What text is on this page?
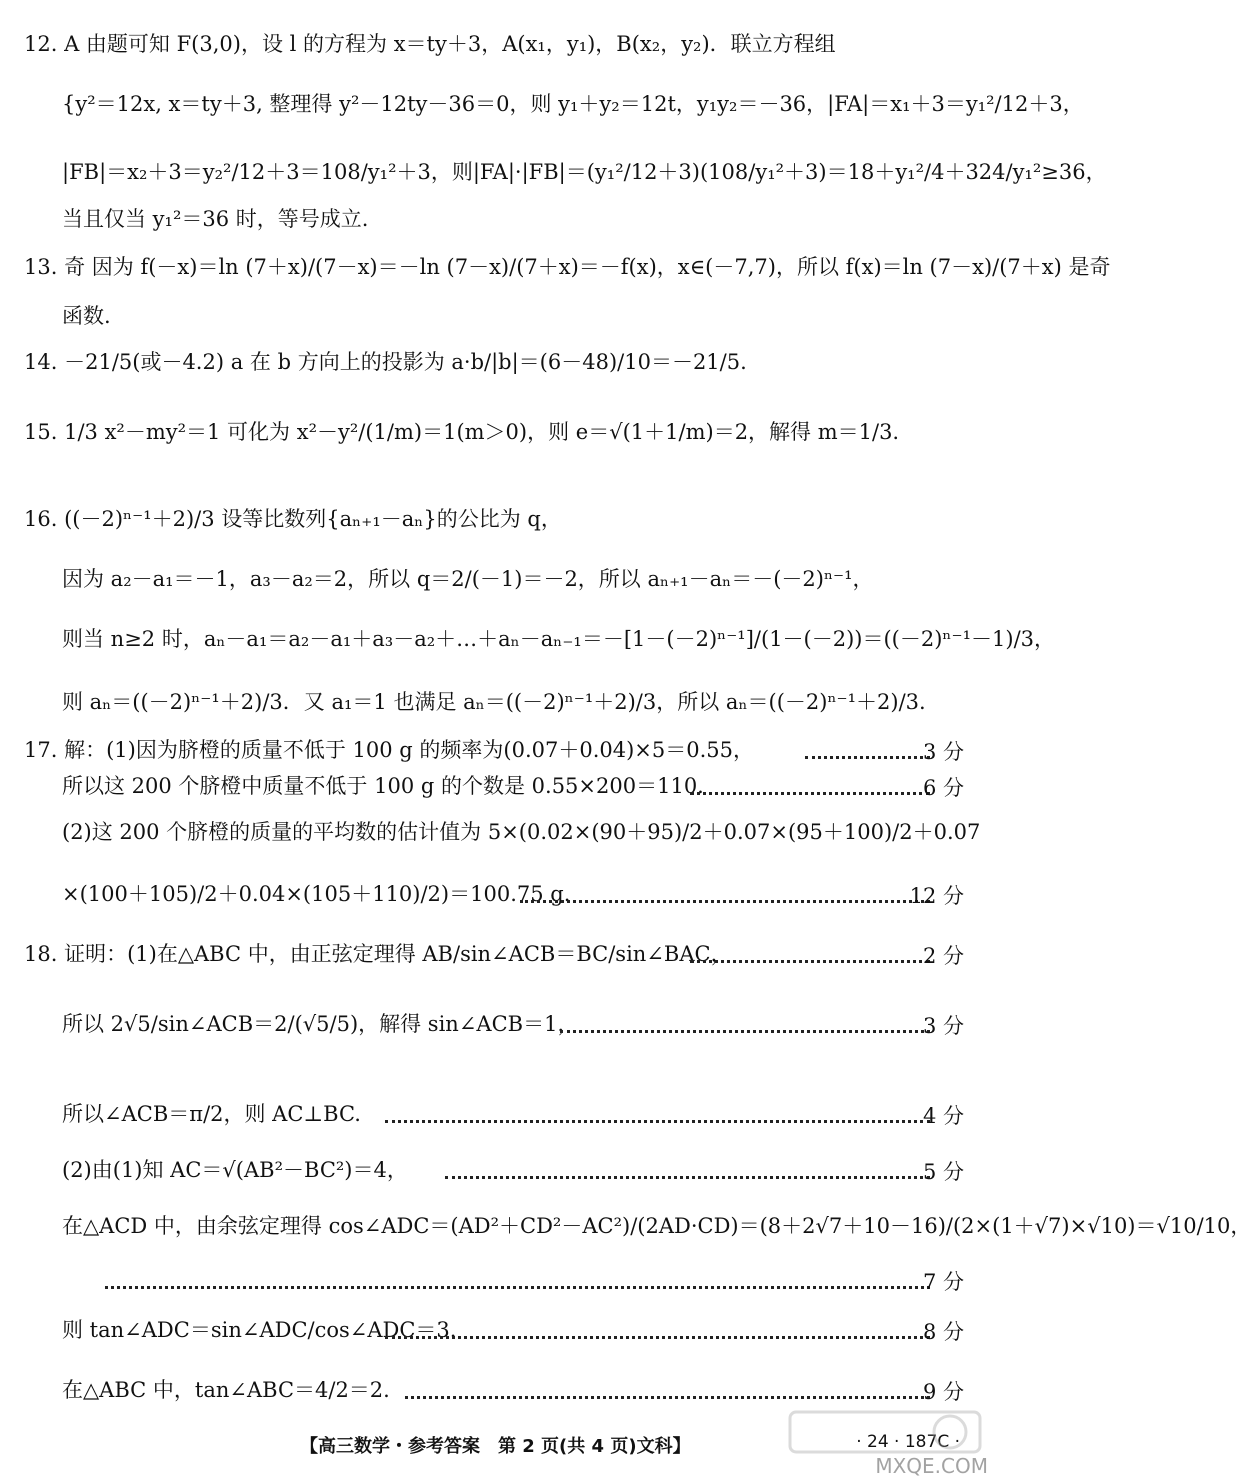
12. A 由题可知 F(3,0)，设 l 的方程为 x＝ty＋3，A(x₁，y₁)，B(x₂，y₂)．联立方程组
{y²＝12x, x＝ty＋3, 整理得 y²－12ty－36＝0，则 y₁＋y₂＝12t，y₁y₂＝－36，|FA|＝x₁＋3＝y₁²/12＋3，
|FB|＝x₂＋3＝y₂²/12＋3＝108/y₁²＋3，则|FA|·|FB|＝(y₁²/12＋3)(108/y₁²＋3)＝18＋y₁²/4＋324/y₁²≥36，
当且仅当 y₁²＝36 时，等号成立.
13. 奇 因为 f(－x)＝ln (7＋x)/(7－x)＝－ln (7－x)/(7＋x)＝－f(x)，x∈(－7,7)，所以 f(x)＝ln (7－x)/(7＋x) 是奇
函数.
14. －21/5(或－4.2) a 在 b 方向上的投影为 a·b/|b|＝(6－48)/10＝－21/5.
15. 1/3 x²－my²＝1 可化为 x²－y²/(1/m)＝1(m＞0)，则 e＝√(1＋1/m)＝2，解得 m＝1/3.
16. ((－2)ⁿ⁻¹＋2)/3 设等比数列{aₙ₊₁－aₙ}的公比为 q，
因为 a₂－a₁＝－1，a₃－a₂＝2，所以 q＝2/(－1)＝－2，所以 aₙ₊₁－aₙ＝－(－2)ⁿ⁻¹，
则当 n≥2 时，aₙ－a₁＝a₂－a₁＋a₃－a₂＋…＋aₙ－aₙ₋₁＝－[1－(－2)ⁿ⁻¹]/(1－(－2))＝((－2)ⁿ⁻¹－1)/3，
则 aₙ＝((－2)ⁿ⁻¹＋2)/3．又 a₁＝1 也满足 aₙ＝((－2)ⁿ⁻¹＋2)/3，所以 aₙ＝((－2)ⁿ⁻¹＋2)/3.
17. 解：(1)因为脐橙的质量不低于 100 g 的频率为(0.07＋0.04)×5＝0.55，	3 分
所以这 200 个脐橙中质量不低于 100 g 的个数是 0.55×200＝110.	6 分
(2)这 200 个脐橙的质量的平均数的估计值为 5×(0.02×(90＋95)/2＋0.07×(95＋100)/2＋0.07
×(100＋105)/2＋0.04×(105＋110)/2)＝100.75 g.	12 分
18. 证明：(1)在△ABC 中，由正弦定理得 AB/sin∠ACB＝BC/sin∠BAC，	2 分
所以 2√5/sin∠ACB＝2/(√5/5)，解得 sin∠ACB＝1，	3 分
所以∠ACB＝π/2，则 AC⊥BC.	4 分
(2)由(1)知 AC＝√(AB²－BC²)＝4，	5 分
在△ACD 中，由余弦定理得 cos∠ADC＝(AD²＋CD²－AC²)/(2AD·CD)＝(8＋2√7＋10－16)/(2×(1＋√7)×√10)＝√10/10，
7 分
则 tan∠ADC＝sin∠ADC/cos∠ADC＝3.	8 分
在△ABC 中，tan∠ABC＝4/2＝2.	9 分
【高三数学・参考答案　第 2 页(共 4 页)文科】	· 24 · 187C ·
MXQE.COM
